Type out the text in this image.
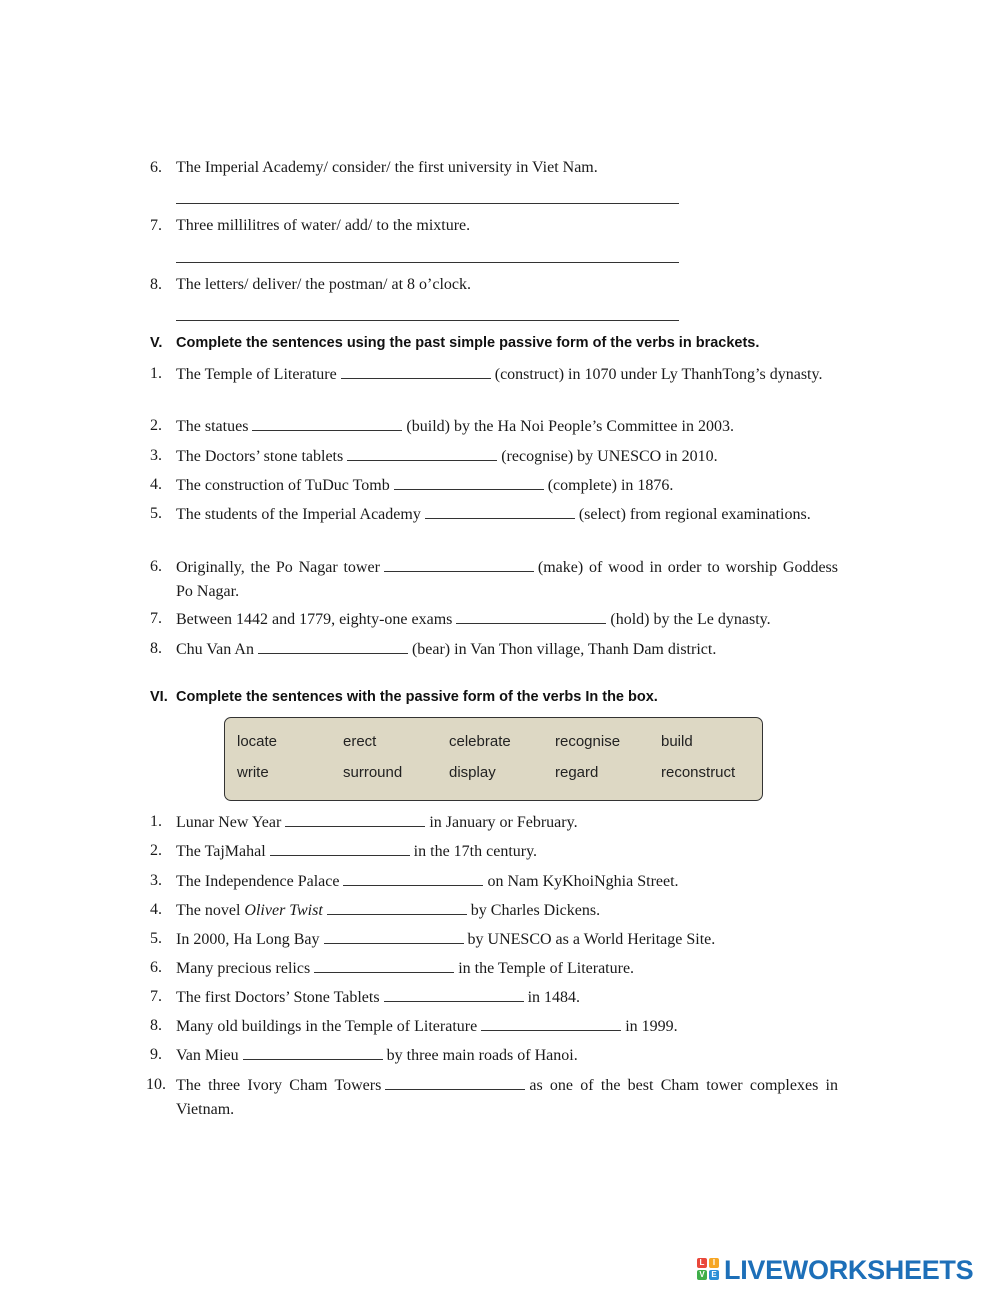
6. The Imperial Academy/ consider/ the first university in Viet Nam.
7. Three millilitres of water/ add/ to the mixture.
8. The letters/ deliver/ the postman/ at 8 o’clock.
V. Complete the sentences using the past simple passive form of the verbs in brackets.
1. The Temple of Literature	(construct) in 1070 under Ly ThanhTong’s dynasty.
2. The statues	(build) by the Ha Noi People’s Committee in 2003.
3. The Doctors’ stone tablets	(recognise) by UNESCO in 2010.
4. The construction of TuDuc Tomb	(complete) in 1876.
5. The students of the Imperial Academy	(select) from regional examinations.
6. Originally, the Po Nagar tower	(make) of wood in order to worship Goddess Po Nagar.
7. Between 1442 and 1779, eighty-one exams	(hold) by the Le dynasty.
8. Chu Van An	(bear) in Van Thon village, Thanh Dam district.
VI. Complete the sentences with the passive form of the verbs In the box.
locate	erect	celebrate	recognise	build
write	surround	display	regard	reconstruct
1. Lunar New Year	in January or February.
2. The TajMahal	in the 17th century.
3. The Independence Palace	on Nam KyKhoiNghia Street.
4. The novel Oliver Twist	by Charles Dickens.
5. In 2000, Ha Long Bay	by UNESCO as a World Heritage Site.
6. Many precious relics	in the Temple of Literature.
7. The first Doctors’ Stone Tablets	in 1484.
8. Many old buildings in the Temple of Literature	in 1999.
9. Van Mieu	by three main roads of Hanoi.
10. The three Ivory Cham Towers	as one of the best Cham tower complexes in Vietnam.
L	I
V E LIVEWORKSHEETS
